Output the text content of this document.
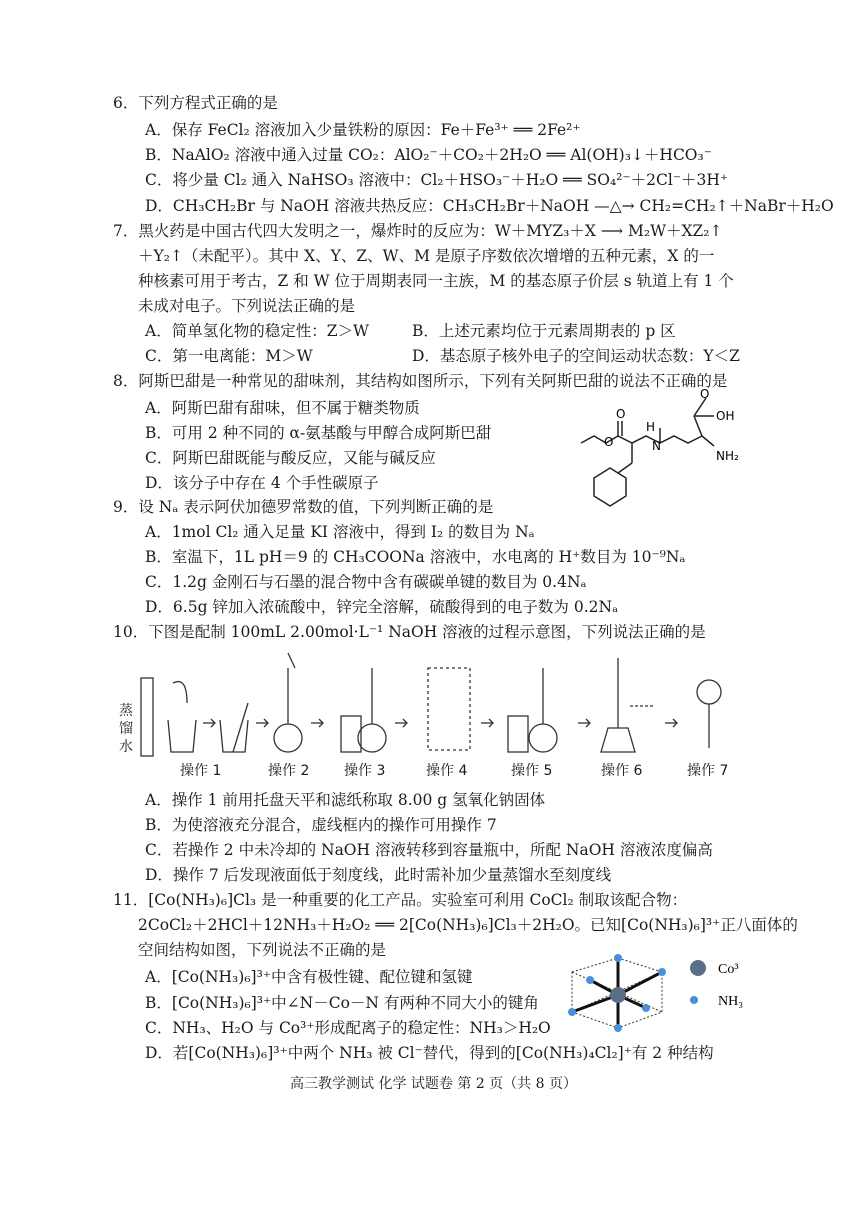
6．下列方程式正确的是
A．保存 FeCl₂ 溶液加入少量铁粉的原因：Fe＋Fe³⁺ ══ 2Fe²⁺
B．NaAlO₂ 溶液中通入过量 CO₂：AlO₂⁻＋CO₂＋2H₂O ══ Al(OH)₃↓＋HCO₃⁻
C．将少量 Cl₂ 通入 NaHSO₃ 溶液中：Cl₂＋HSO₃⁻＋H₂O ══ SO₄²⁻＋2Cl⁻＋3H⁺
D．CH₃CH₂Br 与 NaOH 溶液共热反应：CH₃CH₂Br＋NaOH —△→ CH₂=CH₂↑＋NaBr＋H₂O
7．黑火药是中国古代四大发明之一，爆炸时的反应为：W＋MYZ₃＋X ⟶ M₂W＋XZ₂↑
＋Y₂↑（未配平）。其中 X、Y、Z、W、M 是原子序数依次增增的五种元素，X 的一
种核素可用于考古，Z 和 W 位于周期表同一主族，M 的基态原子价层 s 轨道上有 1 个
未成对电子。下列说法正确的是
A．简单氢化物的稳定性：Z＞W	B．上述元素均位于元素周期表的 p 区
C．第一电离能：M＞W	D．基态原子核外电子的空间运动状态数：Y＜Z
8．阿斯巴甜是一种常见的甜味剂，其结构如图所示，下列有关阿斯巴甜的说法不正确的是
A．阿斯巴甜有甜味，但不属于糖类物质
B．可用 2 种不同的 α-氨基酸与甲醇合成阿斯巴甜
C．阿斯巴甜既能与酸反应，又能与碱反应
D．该分子中存在 4 个手性碳原子
O
O
H
N
O
OH
NH₂
9．设 Nₐ 表示阿伏加德罗常数的值，下列判断正确的是
A．1mol Cl₂ 通入足量 KI 溶液中，得到 I₂ 的数目为 Nₐ
B．室温下，1L pH＝9 的 CH₃COONa 溶液中，水电离的 H⁺数目为 10⁻⁹Nₐ
C．1.2g 金刚石与石墨的混合物中含有碳碳单键的数目为 0.4Nₐ
D．6.5g 锌加入浓硫酸中，锌完全溶解，硫酸得到的电子数为 0.2Nₐ
10．下图是配制 100mL 2.00mol·L⁻¹ NaOH 溶液的过程示意图，下列说法正确的是
蒸
馏
水
操作 1	操作 2 操作 3	操作 4	操作 5	操作 6	操作 7
A．操作 1 前用托盘天平和滤纸称取 8.00 g 氢氧化钠固体
B．为使溶液充分混合，虚线框内的操作可用操作 7
C．若操作 2 中未冷却的 NaOH 溶液转移到容量瓶中，所配 NaOH 溶液浓度偏高
D．操作 7 后发现液面低于刻度线，此时需补加少量蒸馏水至刻度线
11．[Co(NH₃)₆]Cl₃ 是一种重要的化工产品。实验室可利用 CoCl₂ 制取该配合物：
2CoCl₂＋2HCl＋12NH₃＋H₂O₂ ══ 2[Co(NH₃)₆]Cl₃＋2H₂O。已知[Co(NH₃)₆]³⁺正八面体的
空间结构如图，下列说法不正确的是
A．[Co(NH₃)₆]³⁺中含有极性键、配位键和氢键
B．[Co(NH₃)₆]³⁺中∠N－Co－N 有两种不同大小的键角
C．NH₃、H₂O 与 Co³⁺形成配离子的稳定性：NH₃＞H₂O
D．若[Co(NH₃)₆]³⁺中两个 NH₃ 被 Cl⁻替代，得到的[Co(NH₃)₄Cl₂]⁺有 2 种结构
Co³
NH₃
高三教学测试 化学 试题卷 第 2 页（共 8 页）
